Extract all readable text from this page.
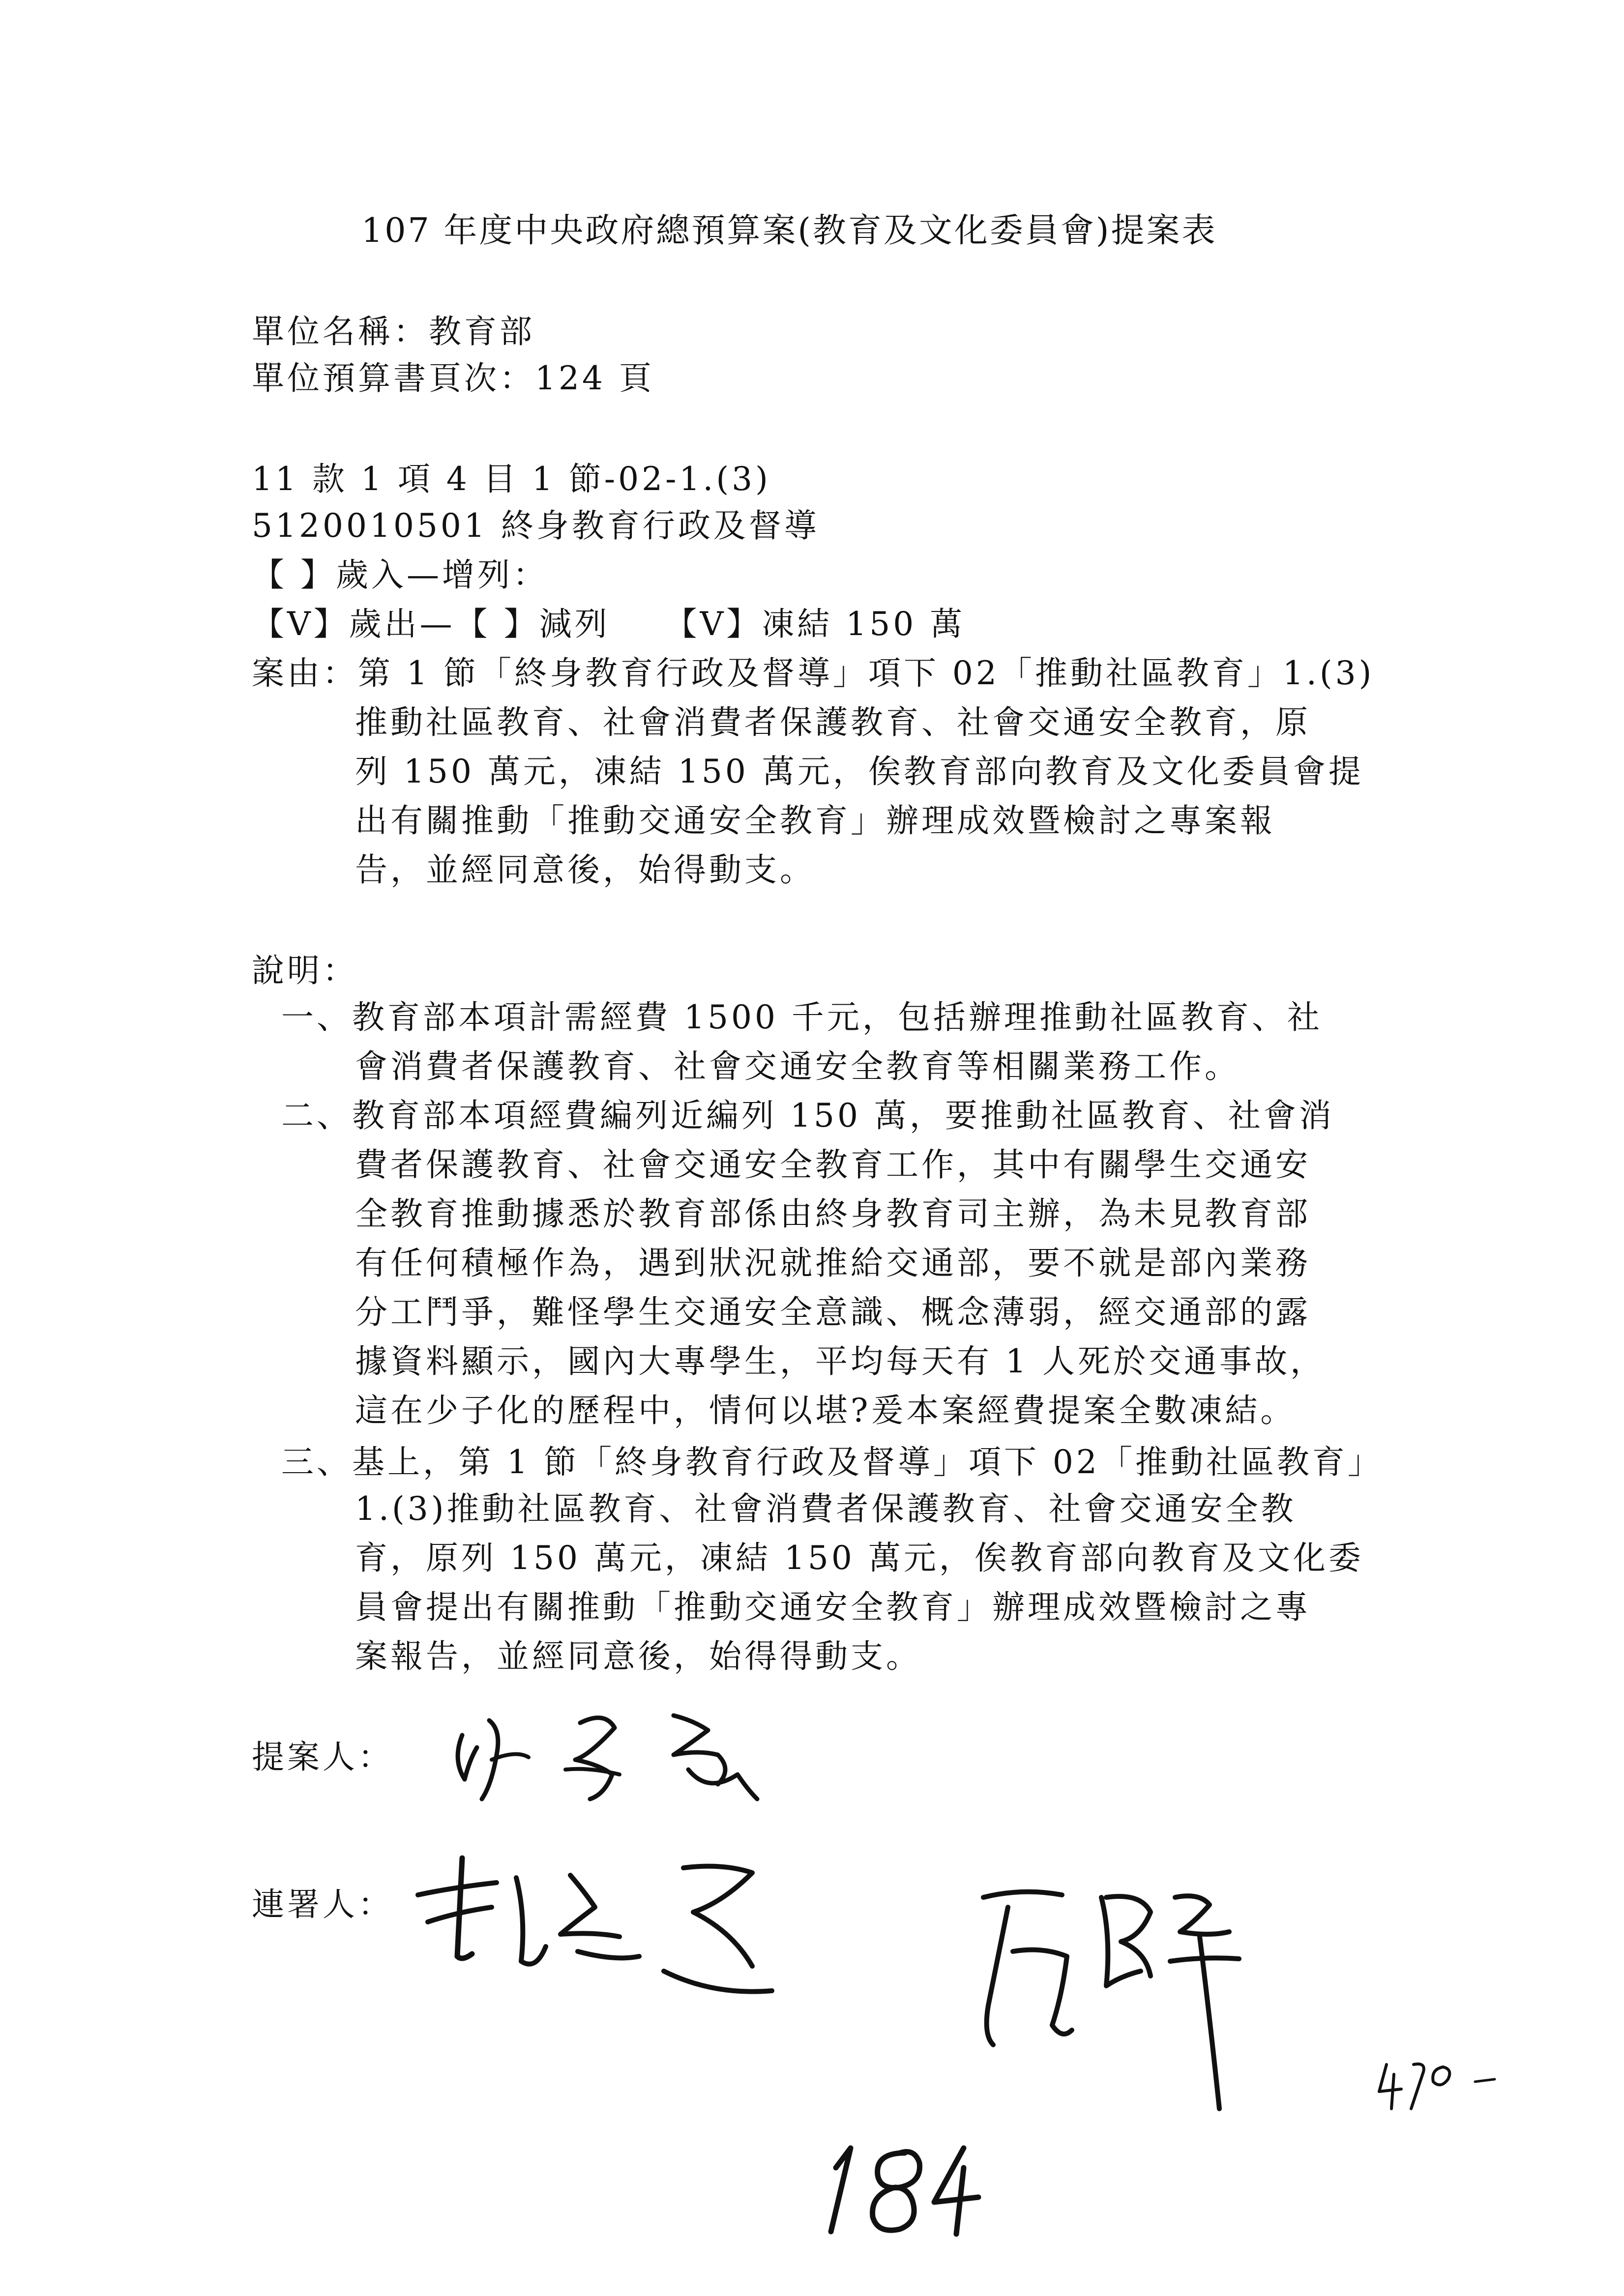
107 年度中央政府總預算案(教育及文化委員會)提案表
單位名稱：教育部
單位預算書頁次：124 頁
11 款 1 項 4 目 1 節-02-1.(3)
5120010501 終身教育行政及督導
【 】歲入—增列：
【V】歲出—【 】減列　　【V】凍結 150 萬
案由：第 1 節「終身教育行政及督導」項下 02「推動社區教育」1.(3)
推動社區教育、社會消費者保護教育、社會交通安全教育，原
列 150 萬元，凍結 150 萬元，俟教育部向教育及文化委員會提
出有關推動「推動交通安全教育」辦理成效暨檢討之專案報
告，並經同意後，始得動支。
說明：
一、教育部本項計需經費 1500 千元，包括辦理推動社區教育、社
會消費者保護教育、社會交通安全教育等相關業務工作。
二、教育部本項經費編列近編列 150 萬，要推動社區教育、社會消
費者保護教育、社會交通安全教育工作，其中有關學生交通安
全教育推動據悉於教育部係由終身教育司主辦，為未見教育部
有任何積極作為，遇到狀況就推給交通部，要不就是部內業務
分工鬥爭，難怪學生交通安全意識、概念薄弱，經交通部的露
據資料顯示，國內大專學生，平均每天有 1 人死於交通事故，
這在少子化的歷程中，情何以堪?爰本案經費提案全數凍結。
三、基上，第 1 節「終身教育行政及督導」項下 02「推動社區教育」
1.(3)推動社區教育、社會消費者保護教育、社會交通安全教
育，原列 150 萬元，凍結 150 萬元，俟教育部向教育及文化委
員會提出有關推動「推動交通安全教育」辦理成效暨檢討之專
案報告，並經同意後，始得得動支。
提案人：
連署人：
